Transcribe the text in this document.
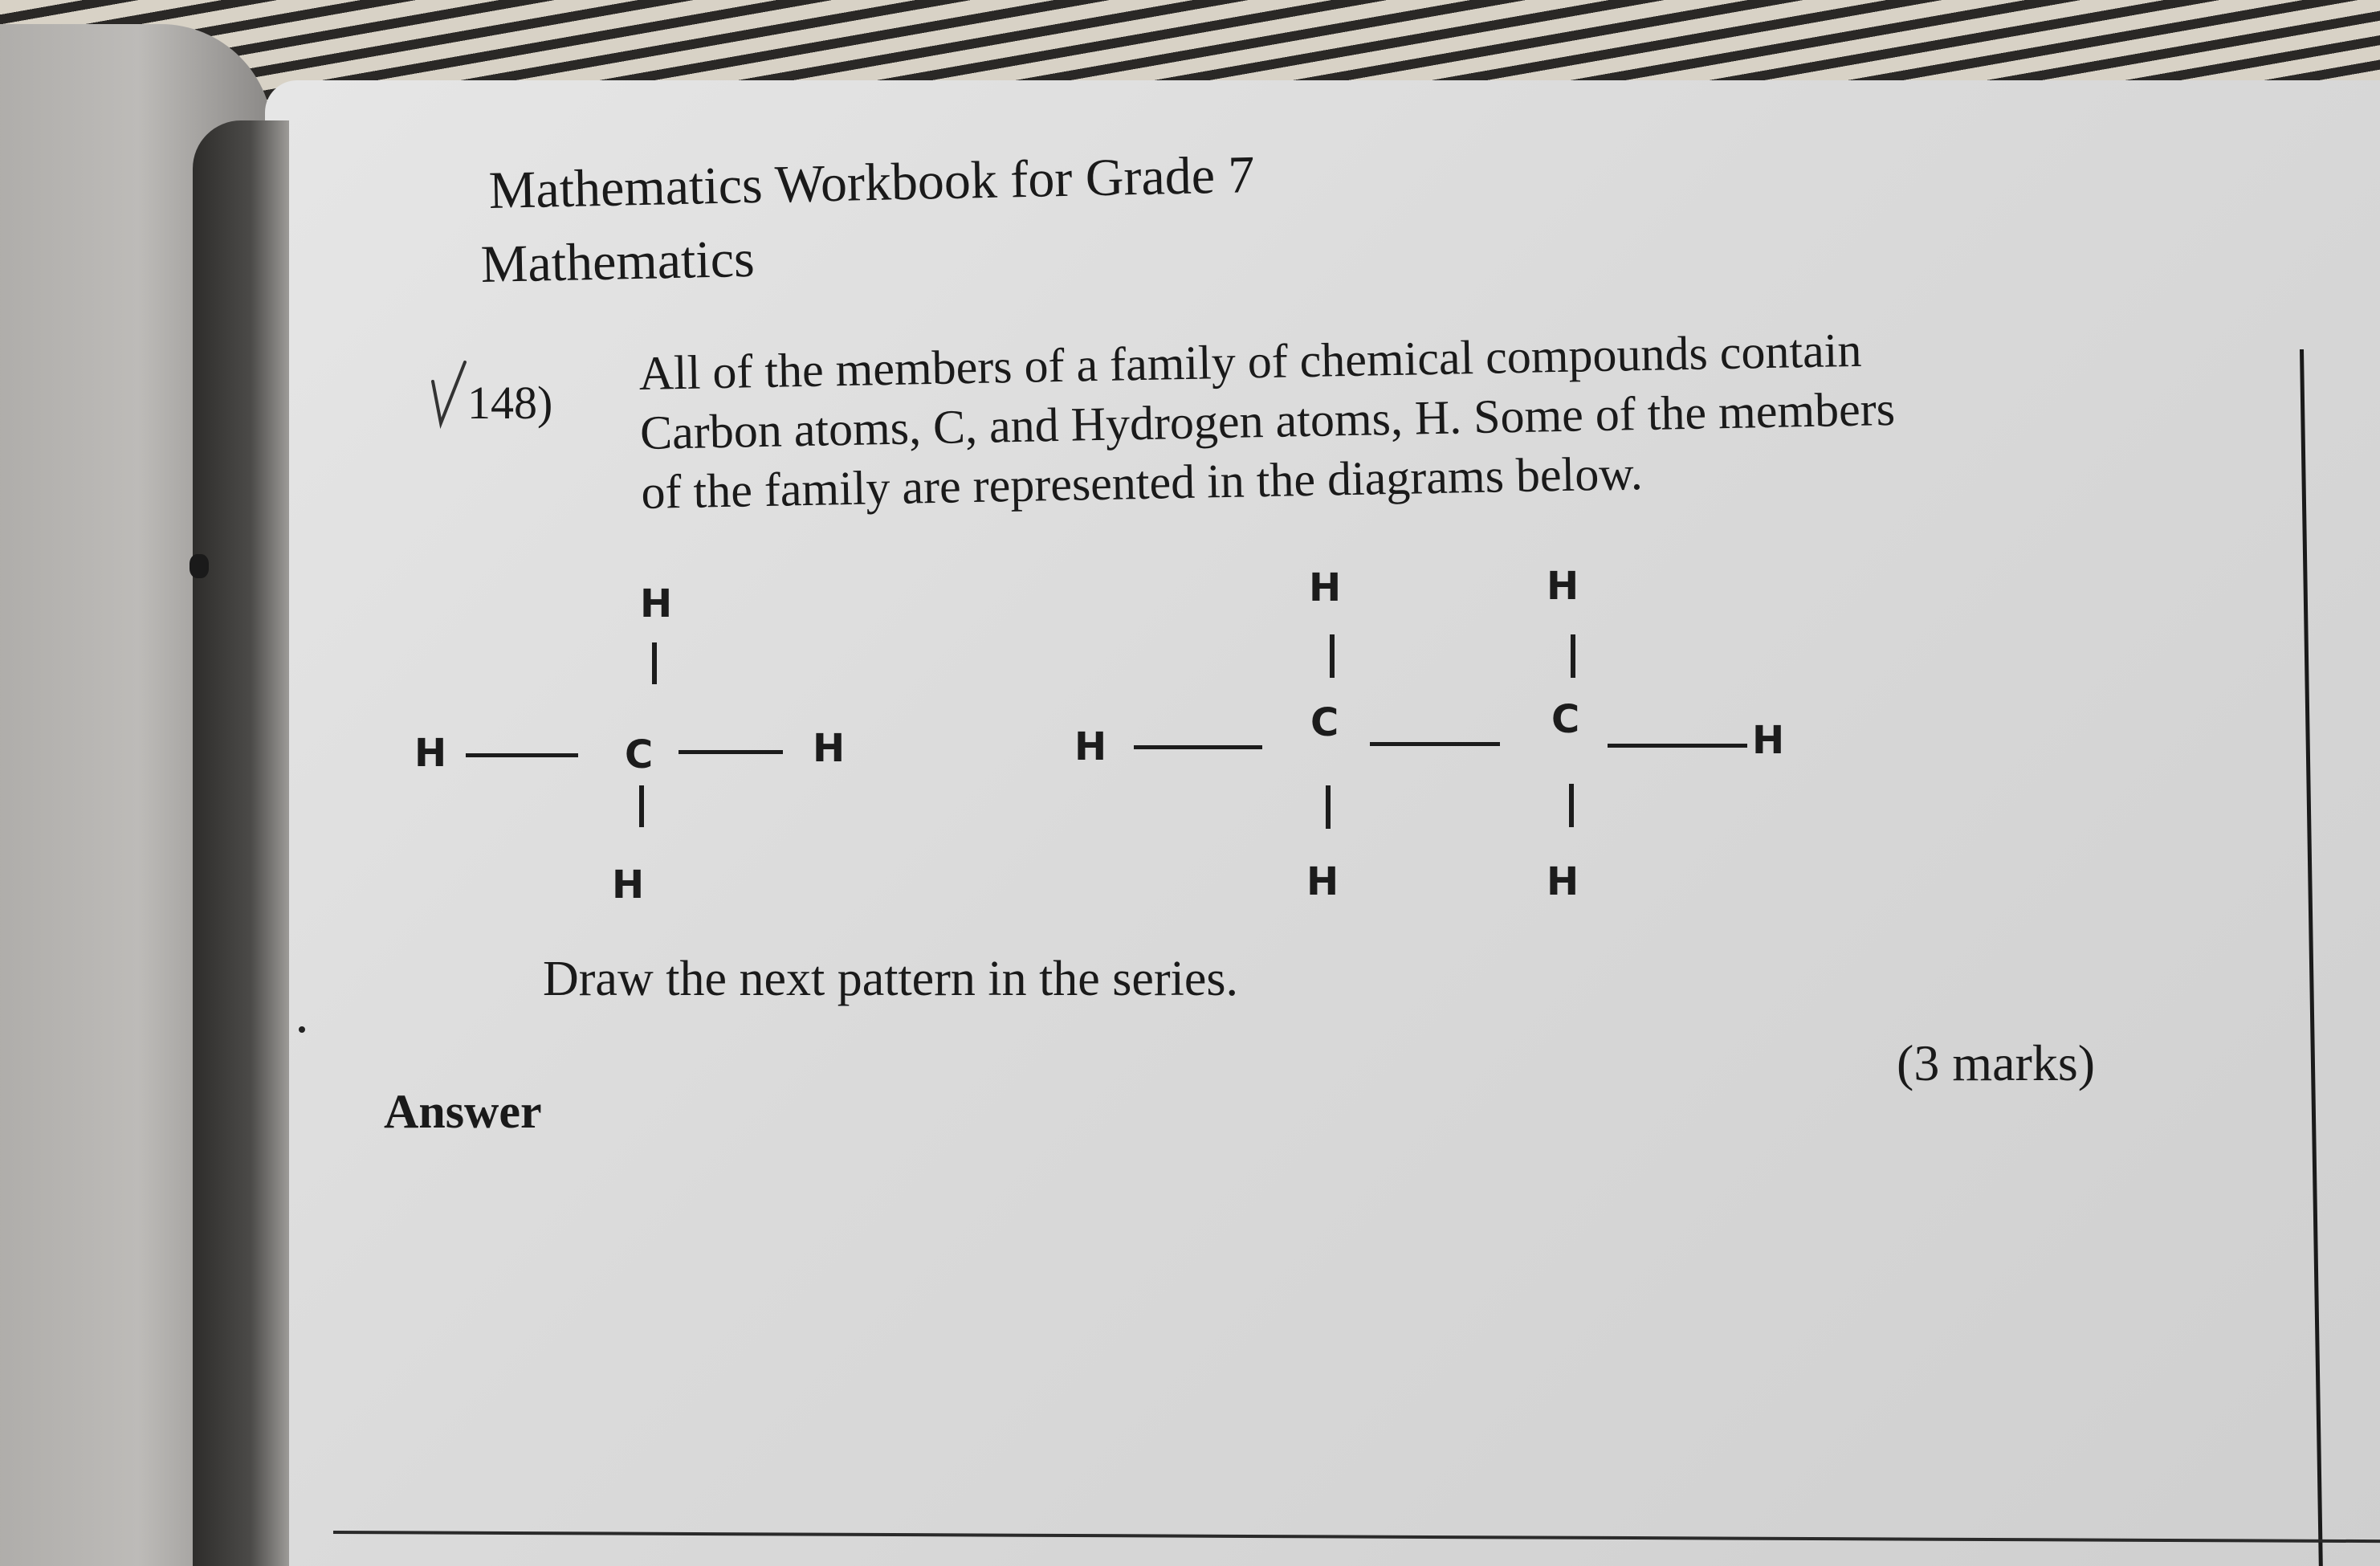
Mathematics Workbook for Grade 7
Mathematics
148)
All of the members of a family of chemical compounds contain
Carbon atoms, C, and Hydrogen atoms, H. Some of the members
of the family are represented in the diagrams below.
H
H	C	H
H
H
H
C
H
H
C
H
H
Draw the next pattern in the series.
(3 marks)
Answer
